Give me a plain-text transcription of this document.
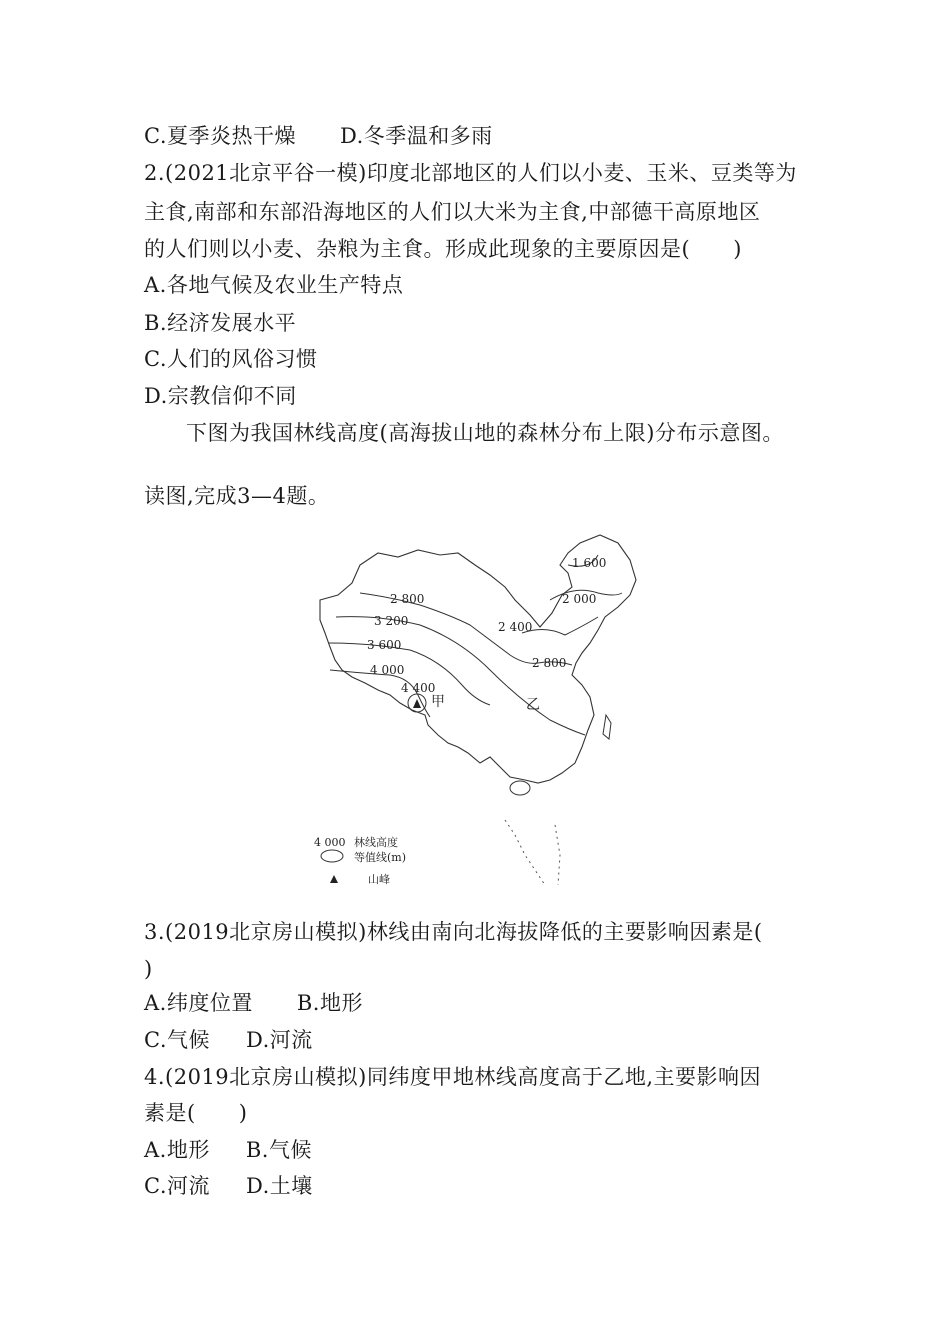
C.夏季炎热干燥 D.冬季温和多雨
2.(2021北京平谷一模)印度北部地区的人们以小麦、玉米、豆类等为
主食,南部和东部沿海地区的人们以大米为主食,中部德干高原地区
的人们则以小麦、杂粮为主食。形成此现象的主要原因是(　　)
A.各地气候及农业生产特点
B.经济发展水平
C.人们的风俗习惯
D.宗教信仰不同
下图为我国林线高度(高海拔山地的森林分布上限)分布示意图。
读图,完成3—4题。
1 600
2 000
2 400
2 800
3 200
3 600
4 000	2 800
4 400
甲	乙
4 000 林线高度
等值线(m)
山峰
3.(2019北京房山模拟)林线由南向北海拔降低的主要影响因素是(
)
A.纬度位置 B.地形
C.气候 D.河流
4.(2019北京房山模拟)同纬度甲地林线高度高于乙地,主要影响因
素是(　　)
A.地形 B.气候
C.河流 D.土壤
